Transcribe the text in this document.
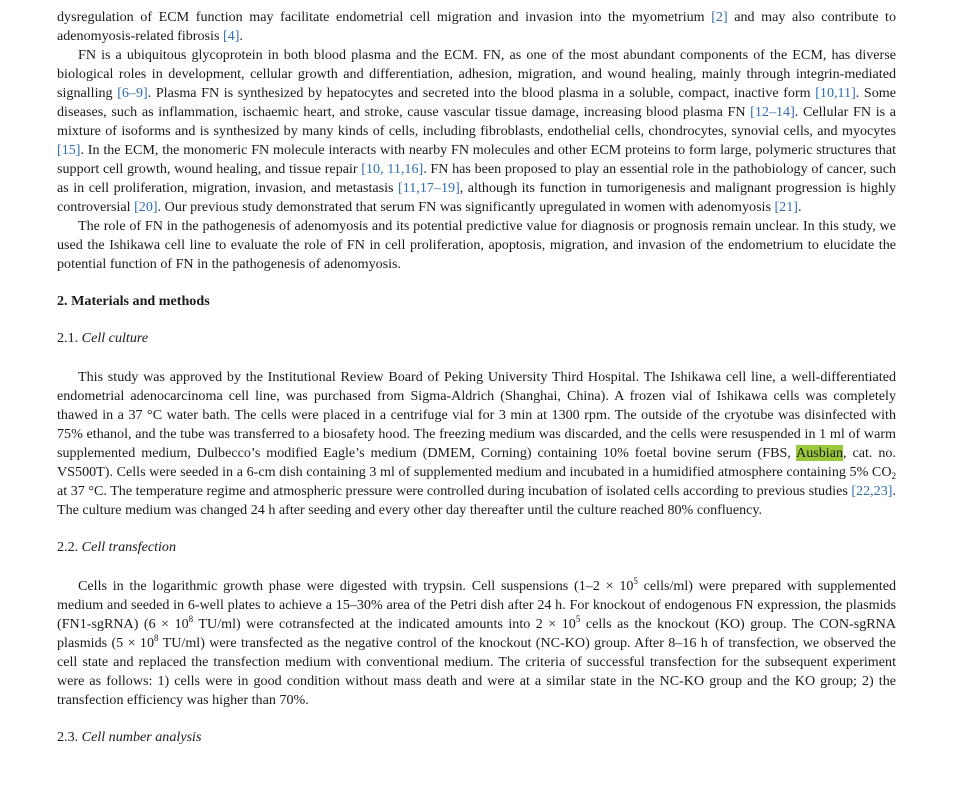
dysregulation of ECM function may facilitate endometrial cell migration and invasion into the myometrium [2] and may also contribute to adenomyosis-related fibrosis [4].

FN is a ubiquitous glycoprotein in both blood plasma and the ECM. FN, as one of the most abundant components of the ECM, has diverse biological roles in development, cellular growth and differentiation, adhesion, migration, and wound healing, mainly through integrin-mediated signalling [6–9]. Plasma FN is synthesized by hepatocytes and secreted into the blood plasma in a soluble, compact, inactive form [10,11]. Some diseases, such as inflammation, ischaemic heart, and stroke, cause vascular tissue damage, increasing blood plasma FN [12–14]. Cellular FN is a mixture of isoforms and is synthesized by many kinds of cells, including fibroblasts, endothelial cells, chondrocytes, synovial cells, and myocytes [15]. In the ECM, the monomeric FN molecule interacts with nearby FN molecules and other ECM proteins to form large, polymeric structures that support cell growth, wound healing, and tissue repair [10, 11,16]. FN has been proposed to play an essential role in the pathobiology of cancer, such as in cell proliferation, migration, invasion, and metastasis [11,17–19], although its function in tumorigenesis and malignant progression is highly controversial [20]. Our previous study demonstrated that serum FN was significantly upregulated in women with adenomyosis [21].

The role of FN in the pathogenesis of adenomyosis and its potential predictive value for diagnosis or prognosis remain unclear. In this study, we used the Ishikawa cell line to evaluate the role of FN in cell proliferation, apoptosis, migration, and invasion of the endometrium to elucidate the potential function of FN in the pathogenesis of adenomyosis.

2. Materials and methods
2.1. Cell culture

This study was approved by the Institutional Review Board of Peking University Third Hospital. The Ishikawa cell line, a well-differentiated endometrial adenocarcinoma cell line, was purchased from Sigma-Aldrich (Shanghai, China). A frozen vial of Ishikawa cells was completely thawed in a 37 °C water bath. The cells were placed in a centrifuge vial for 3 min at 1300 rpm. The outside of the cryotube was disinfected with 75% ethanol, and the tube was transferred to a biosafety hood. The freezing medium was discarded, and the cells were resuspended in 1 ml of warm supplemented medium, Dulbecco’s modified Eagle’s medium (DMEM, Corning) containing 10% foetal bovine serum (FBS, Ausbian, cat. no. VS500T). Cells were seeded in a 6-cm dish containing 3 ml of supplemented medium and incubated in a humidified atmosphere containing 5% $CO_2$ at 37 °C. The temperature regime and atmospheric pressure were controlled during incubation of isolated cells according to previous studies [22,23]. The culture medium was changed 24 h after seeding and every other day thereafter until the culture reached 80% confluency.

2.2. Cell transfection

Cells in the logarithmic growth phase were digested with trypsin. Cell suspensions ($1-2 \times 10^5$ cells/ml) were prepared with supplemented medium and seeded in 6-well plates to achieve a 15–30% area of the Petri dish after 24 h. For knockout of endogenous FN expression, the plasmids (FN1-sgRNA) ($6 \times 10^8$ TU/ml) were cotransfected at the indicated amounts into $2 \times 10^5$ cells as the knockout (KO) group. The CON-sgRNA plasmids ($5 \times 10^8$ TU/ml) were transfected as the negative control of the knockout (NC-KO) group. After 8–16 h of transfection, we observed the cell state and replaced the transfection medium with conventional medium. The criteria of successful transfection for the subsequent experiment were as follows: 1) cells were in good condition without mass death and were at a similar state in the NC-KO group and the KO group; 2) the transfection efficiency was higher than 70%.

2.3. Cell number analysis
